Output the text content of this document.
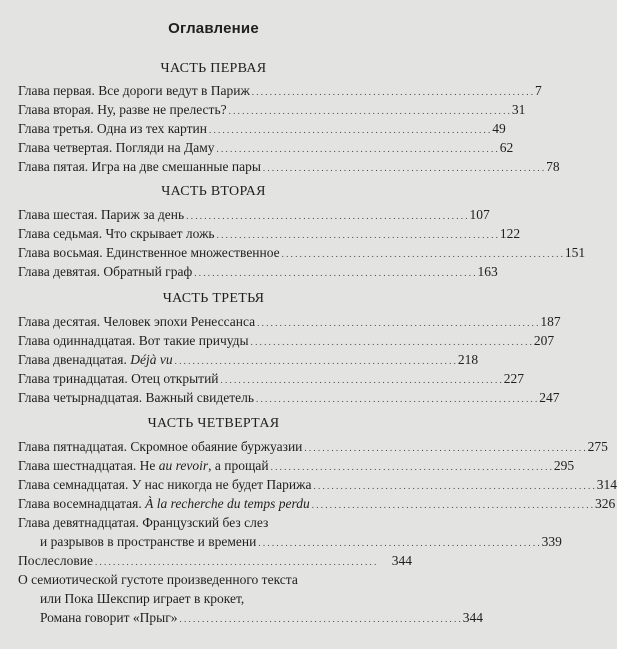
Оглавление
ЧАСТЬ ПЕРВАЯ
Глава первая. Все дороги ведут в Париж . . .	7
Глава вторая. Ну, разве не прелесть? . . .	31
Глава третья. Одна из тех картин . . .	49
Глава четвертая. Погляди на Даму . . .	62
Глава пятая. Игра на две смешанные пары . . .	78
ЧАСТЬ ВТОРАЯ
Глава шестая. Париж за день . . .	107
Глава седьмая. Что скрывает ложь . . .	122
Глава восьмая. Единственное множественное . . .	151
Глава девятая. Обратный граф . . .	163
ЧАСТЬ ТРЕТЬЯ
Глава десятая. Человек эпохи Ренессанса . . .	187
Глава одиннадцатая. Вот такие причуды . . .	207
Глава двенадцатая. Déjà vu . . .	218
Глава тринадцатая. Отец открытий . . .	227
Глава четырнадцатая. Важный свидетель . . .	247
ЧАСТЬ ЧЕТВЕРТАЯ
Глава пятнадцатая. Скромное обаяние буржуазии . . .	275
Глава шестнадцатая. Не au revoir, а прощай . . .	295
Глава семнадцатая. У нас никогда не будет Парижа . . .	314
Глава восемнадцатая. À la recherche du temps perdu . . .	326
Глава девятнадцатая. Французский без слез
и разрывов в пространстве и времени . . .	339
Послесловие . . .	344
О семиотической густоте произведенного текста
или Пока Шекспир играет в крокет,
Романа говорит «Прыг» . . .	344
